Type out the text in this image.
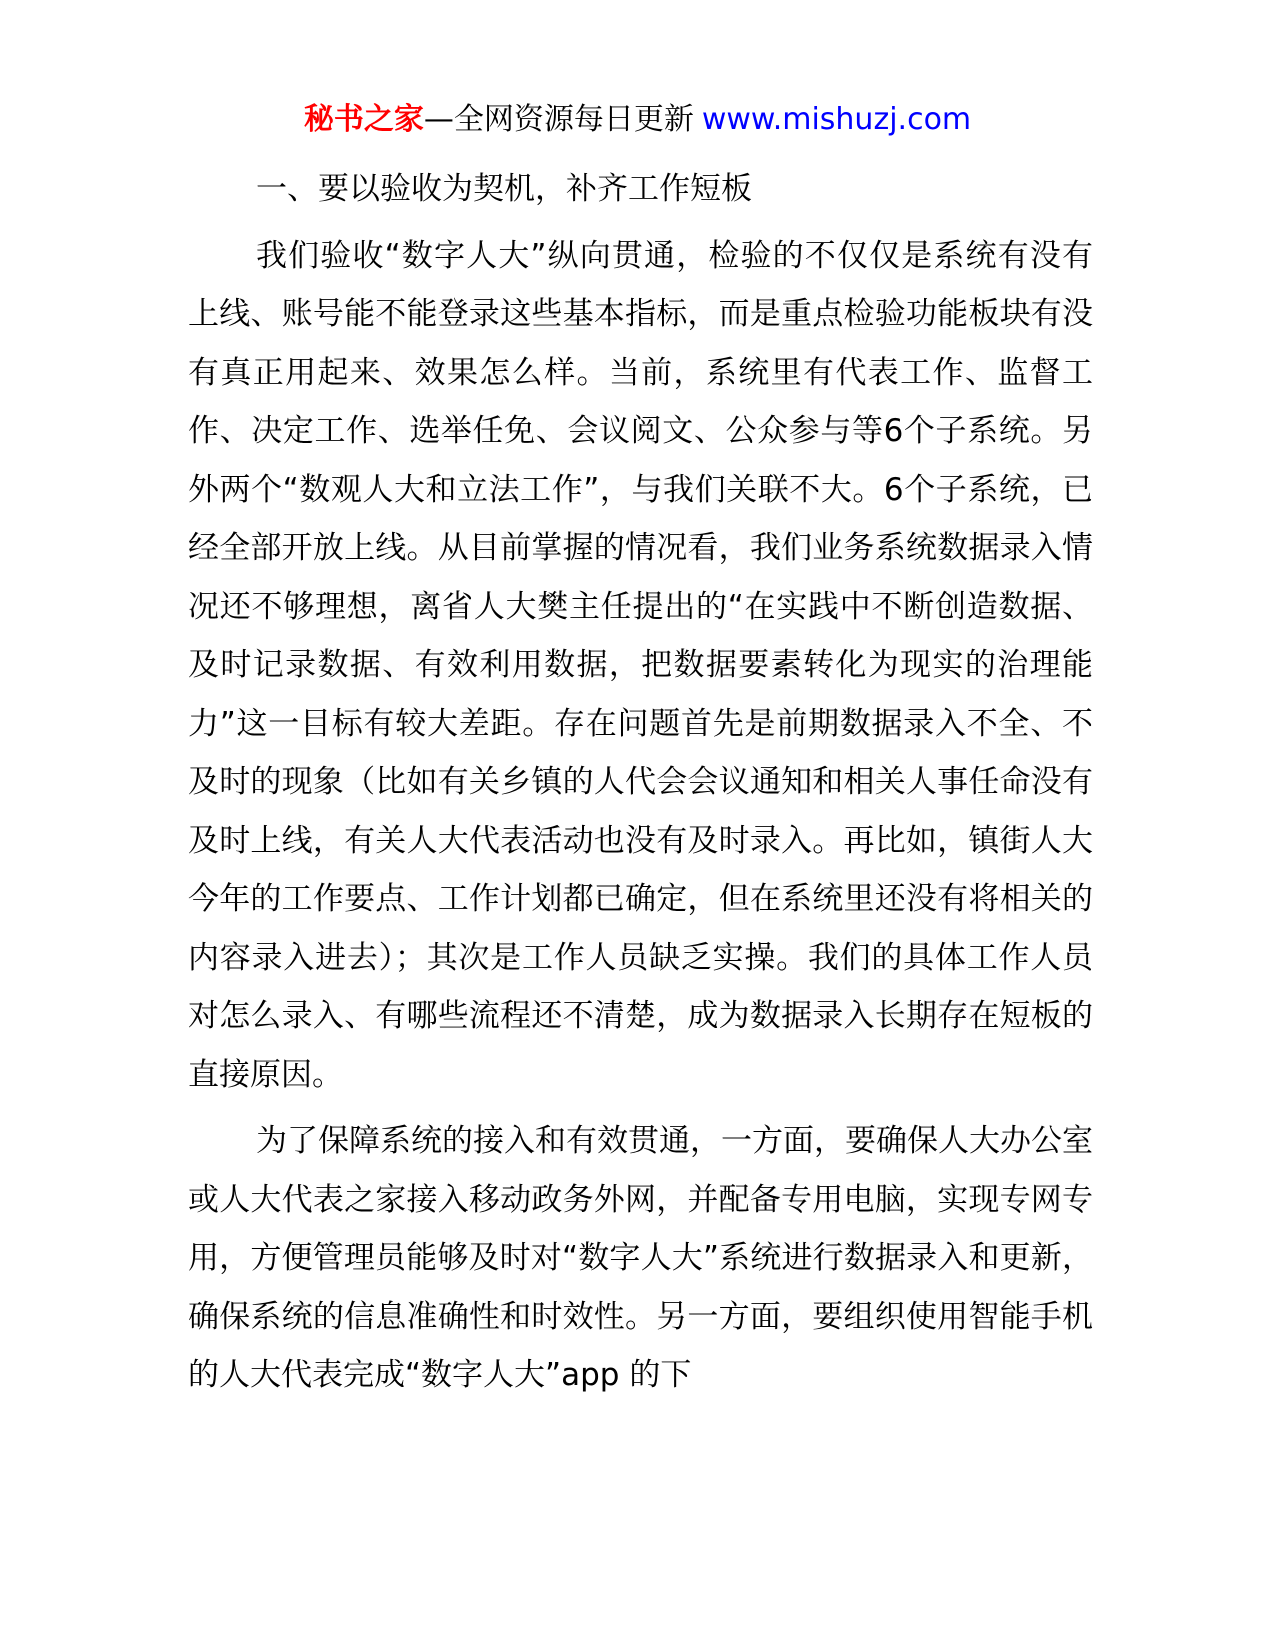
秘书之家—全网资源每日更新 www.mishuzj.com

一、要以验收为契机，补齐工作短板

我们验收“数字人大”纵向贯通，检验的不仅仅是系统有没有上线、账号能不能登录这些基本指标，而是重点检验功能板块有没有真正用起来、效果怎么样。当前，系统里有代表工作、监督工作、决定工作、选举任免、会议阅文、公众参与等6个子系统。另外两个“数观人大和立法工作”，与我们关联不大。6个子系统，已经全部开放上线。从目前掌握的情况看，我们业务系统数据录入情况还不够理想，离省人大樊主任提出的“在实践中不断创造数据、及时记录数据、有效利用数据，把数据要素转化为现实的治理能力”这一目标有较大差距。存在问题首先是前期数据录入不全、不及时的现象（比如有关乡镇的人代会会议通知和相关人事任命没有及时上线，有关人大代表活动也没有及时录入。再比如，镇街人大今年的工作要点、工作计划都已确定，但在系统里还没有将相关的内容录入进去）；其次是工作人员缺乏实操。我们的具体工作人员对怎么录入、有哪些流程还不清楚，成为数据录入长期存在短板的直接原因。

为了保障系统的接入和有效贯通，一方面，要确保人大办公室或人大代表之家接入移动政务外网，并配备专用电脑，实现专网专用，方便管理员能够及时对“数字人大”系统进行数据录入和更新，确保系统的信息准确性和时效性。另一方面，要组织使用智能手机的人大代表完成“数字人大”app 的下
